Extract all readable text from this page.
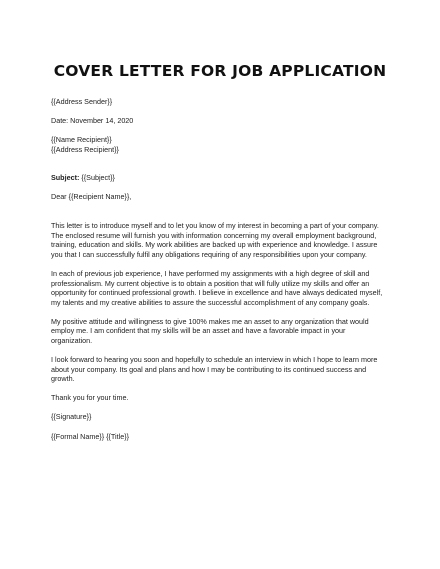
COVER LETTER FOR JOB APPLICATION
{{Address Sender}}
Date: November 14, 2020
{{Name Recipient}}
{{Address Recipient}}
Subject: {{Subject}}
Dear {{Recipient Name}},
This letter is to introduce myself and to let you know of my interest in becoming a part of your company.
The enclosed resume will furnish you with information concerning my overall employment background,
training, education and skills. My work abilities are backed up with experience and knowledge. I assure
you that I can successfully fulfil any obligations requiring of any responsibilities upon your company.
In each of previous job experience, I have performed my assignments with a high degree of skill and
professionalism. My current objective is to obtain a position that will fully utilize my skills and offer an
opportunity for continued professional growth. I believe in excellence and have always dedicated myself,
my talents and my creative abilities to assure the successful accomplishment of any company goals.
My positive attitude and willingness to give 100% makes me an asset to any organization that would
employ me. I am confident that my skills will be an asset and have a favorable impact in your
organization.
I look forward to hearing you soon and hopefully to schedule an interview in which I hope to learn more
about your company. Its goal and plans and how I may be contributing to its continued success and
growth.
Thank you for your time.
{{Signature}}
{{Formal Name}} {{Title}}
